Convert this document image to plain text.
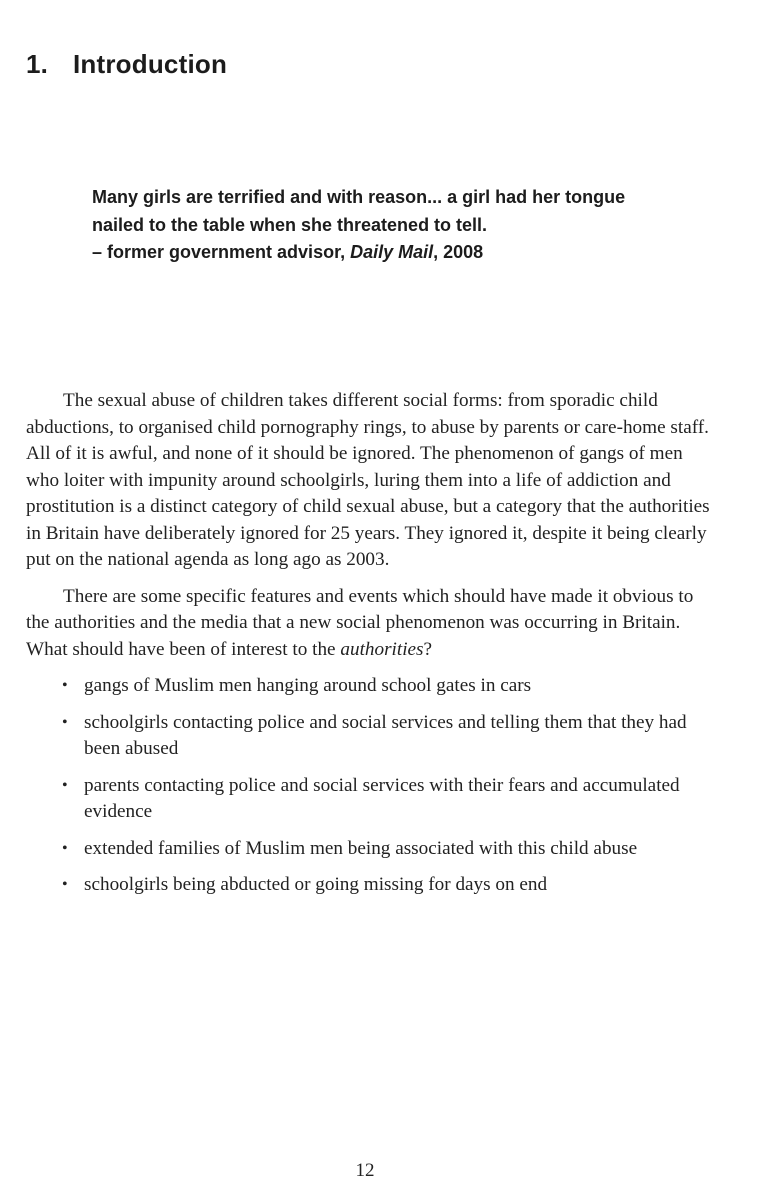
1. Introduction

Many girls are terrified and with reason... a girl had her tongue nailed to the table when she threatened to tell.

– former government advisor, Daily Mail, 2008

The sexual abuse of children takes different social forms: from sporadic child abductions, to organised child pornography rings, to abuse by parents or care-home staff. All of it is awful, and none of it should be ignored. The phenomenon of gangs of men who loiter with impunity around schoolgirls, luring them into a life of addiction and prostitution is a distinct category of child sexual abuse, but a category that the authorities in Britain have deliberately ignored for 25 years. They ignored it, despite it being clearly put on the national agenda as long ago as 2003.

There are some specific features and events which should have made it obvious to the authorities and the media that a new social phenomenon was occurring in Britain. What should have been of interest to the authorities?

• gangs of Muslim men hanging around school gates in cars
• schoolgirls contacting police and social services and telling them that they had been abused
• parents contacting police and social services with their fears and accumulated evidence
• extended families of Muslim men being associated with this child abuse
• schoolgirls being abducted or going missing for days on end
12
